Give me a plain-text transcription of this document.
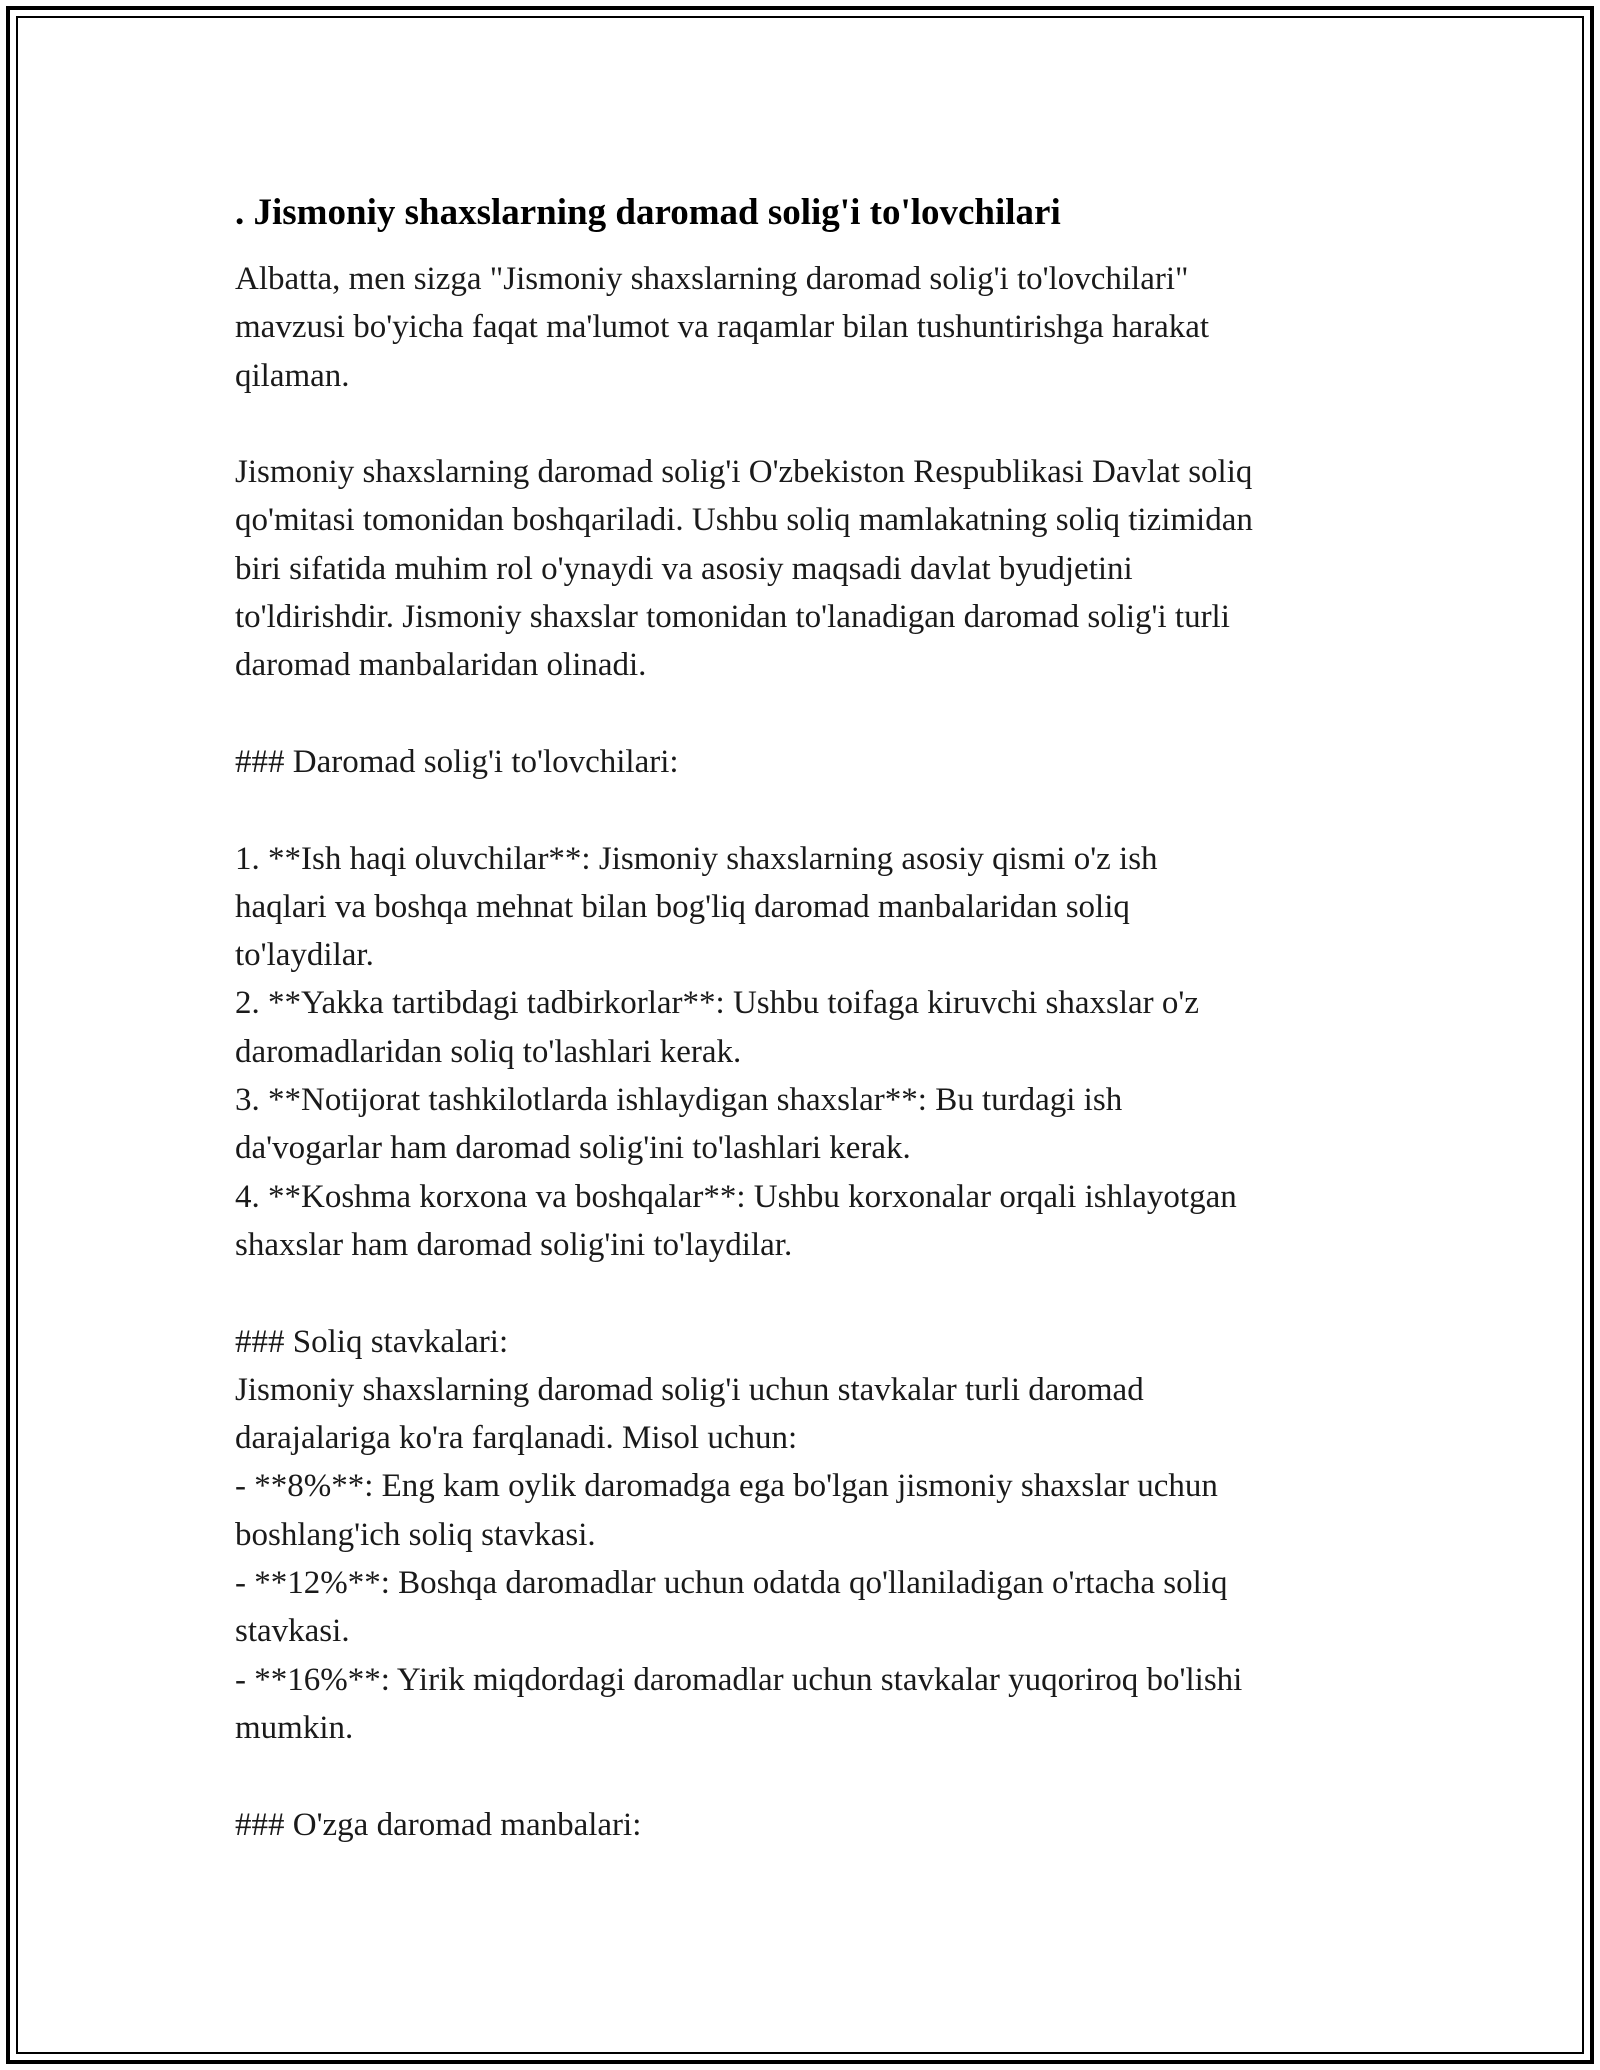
. Jismoniy shaxslarning daromad solig'i to'lovchilari
Albatta, men sizga "Jismoniy shaxslarning daromad solig'i to'lovchilari"
mavzusi bo'yicha faqat ma'lumot va raqamlar bilan tushuntirishga harakat
qilaman.
Jismoniy shaxslarning daromad solig'i O'zbekiston Respublikasi Davlat soliq
qo'mitasi tomonidan boshqariladi. Ushbu soliq mamlakatning soliq tizimidan
biri sifatida muhim rol o'ynaydi va asosiy maqsadi davlat byudjetini
to'ldirishdir. Jismoniy shaxslar tomonidan to'lanadigan daromad solig'i turli
daromad manbalaridan olinadi.
### Daromad solig'i to'lovchilari:
1. **Ish haqi oluvchilar**: Jismoniy shaxslarning asosiy qismi o'z ish
haqlari va boshqa mehnat bilan bog'liq daromad manbalaridan soliq
to'laydilar.
2. **Yakka tartibdagi tadbirkorlar**: Ushbu toifaga kiruvchi shaxslar o'z
daromadlaridan soliq to'lashlari kerak.
3. **Notijorat tashkilotlarda ishlaydigan shaxslar**: Bu turdagi ish
da'vogarlar ham daromad solig'ini to'lashlari kerak.
4. **Koshma korxona va boshqalar**: Ushbu korxonalar orqali ishlayotgan
shaxslar ham daromad solig'ini to'laydilar.
### Soliq stavkalari:
Jismoniy shaxslarning daromad solig'i uchun stavkalar turli daromad
darajalariga ko'ra farqlanadi. Misol uchun:
- **8%**: Eng kam oylik daromadga ega bo'lgan jismoniy shaxslar uchun
boshlang'ich soliq stavkasi.
- **12%**: Boshqa daromadlar uchun odatda qo'llaniladigan o'rtacha soliq
stavkasi.
- **16%**: Yirik miqdordagi daromadlar uchun stavkalar yuqoriroq bo'lishi
mumkin.
### O'zga daromad manbalari:
